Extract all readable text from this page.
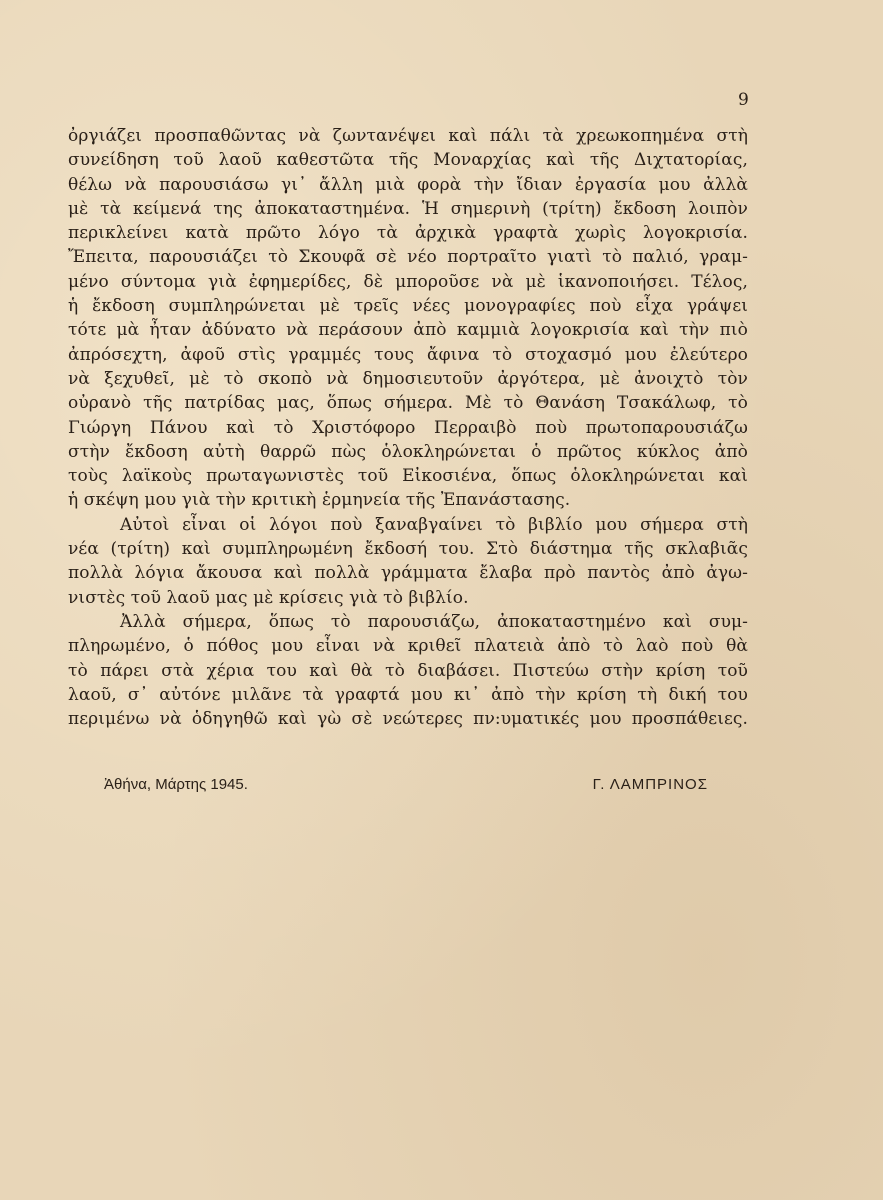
9
ὀργιάζει προσπαθῶντας νὰ ζωντανέψει καὶ πάλι τὰ χρεωκοπημένα στὴ
συνείδηση τοῦ λαοῦ καθεστῶτα τῆς Μοναρχίας καὶ τῆς Διχτατορίας,
θέλω νὰ παρουσιάσω γι᾽ ἄλλη μιὰ φορὰ τὴν ἴδιαν ἐργασία μου ἀλλὰ
μὲ τὰ κείμενά της ἀποκαταστημένα. Ἡ σημερινὴ (τρίτη) ἔκδοση λοιπὸν
περικλείνει κατὰ πρῶτο λόγο τὰ ἀρχικὰ γραφτὰ χωρὶς λογοκρισία.
Ἔπειτα, παρουσιάζει τὸ Σκουφᾶ σὲ νέο πορτραῖτο γιατὶ τὸ παλιό, γραμ-
μένο σύντομα γιὰ ἐφημερίδες, δὲ μποροῦσε νὰ μὲ ἱκανοποιήσει. Τέλος,
ἡ ἔκδοση συμπληρώνεται μὲ τρεῖς νέες μονογραφίες ποὺ εἶχα γράψει
τότε μὰ ἦταν ἀδύνατο νὰ περάσουν ἀπὸ καμμιὰ λογοκρισία καὶ τὴν πιὸ
ἀπρόσεχτη, ἀφοῦ στὶς γραμμές τους ἄφινα τὸ στοχασμό μου ἐλεύτερο
νὰ ξεχυθεῖ, μὲ τὸ σκοπὸ νὰ δημοσιευτοῦν ἀργότερα, μὲ ἀνοιχτὸ τὸν
οὐρανὸ τῆς πατρίδας μας, ὅπως σήμερα. Μὲ τὸ Θανάση Τσακάλωφ, τὸ
Γιώργη Πάνου καὶ τὸ Χριστόφορο Περραιβὸ ποὺ πρωτοπαρουσιάζω
στὴν ἔκδοση αὐτὴ θαρρῶ πὼς ὁλοκληρώνεται ὁ πρῶτος κύκλος ἀπὸ
τοὺς λαϊκοὺς πρωταγωνιστὲς τοῦ Εἰκοσιένα, ὅπως ὁλοκληρώνεται καὶ
ἡ σκέψη μου γιὰ τὴν κριτικὴ ἑρμηνεία τῆς Ἐπανάστασης.
Αὐτοὶ εἶναι οἱ λόγοι ποὺ ξαναβγαίνει τὸ βιβλίο μου σήμερα στὴ
νέα (τρίτη) καὶ συμπληρωμένη ἔκδοσή του. Στὸ διάστημα τῆς σκλαβιᾶς
πολλὰ λόγια ἄκουσα καὶ πολλὰ γράμματα ἔλαβα πρὸ παντὸς ἀπὸ ἀγω-
νιστὲς τοῦ λαοῦ μας μὲ κρίσεις γιὰ τὸ βιβλίο.
Ἀλλὰ σήμερα, ὅπως τὸ παρουσιάζω, ἀποκαταστημένο καὶ συμ-
πληρωμένο, ὁ πόθος μου εἶναι νὰ κριθεῖ πλατειὰ ἀπὸ τὸ λαὸ ποὺ θὰ
τὸ πάρει στὰ χέρια του καὶ θὰ τὸ διαβάσει. Πιστεύω στὴν κρίση τοῦ
λαοῦ, σ᾽ αὐτόνε μιλᾶνε τὰ γραφτά μου κι᾽ ἀπὸ τὴν κρίση τὴ δική του
περιμένω νὰ ὁδηγηθῶ καὶ γὼ σὲ νεώτερες πν:υματικές μου προσπάθειες.
Ἀθήνα, Μάρτης 1945.	Γ. ΛΑΜΠΡΙΝΟΣ
